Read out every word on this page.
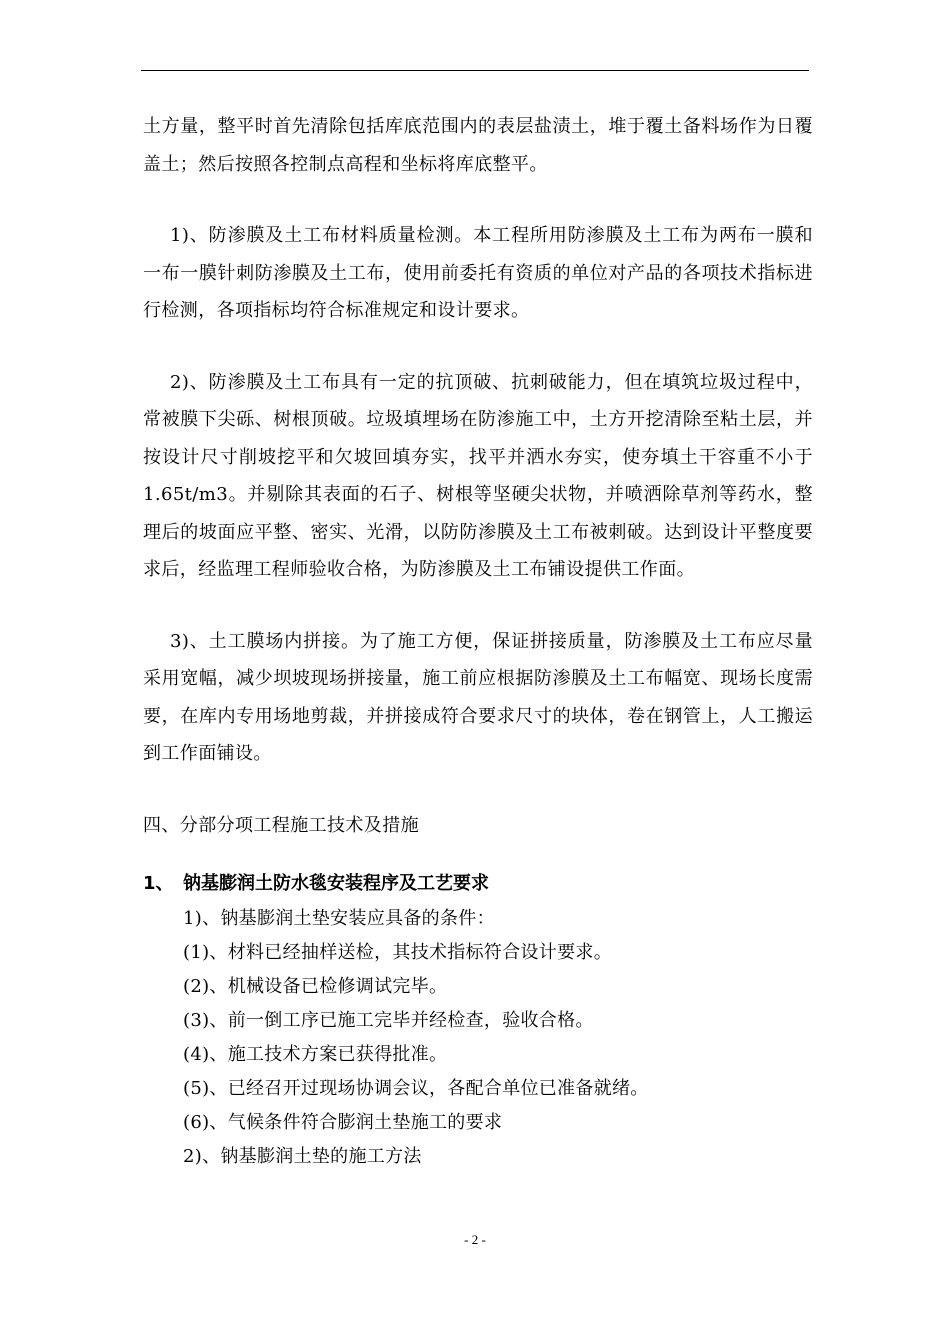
土方量，整平时首先清除包括库底范围内的表层盐渍土，堆于覆土备料场作为日覆盖土；然后按照各控制点高程和坐标将库底整平。

1)、防渗膜及土工布材料质量检测。本工程所用防渗膜及土工布为两布一膜和一布一膜针刺防渗膜及土工布，使用前委托有资质的单位对产品的各项技术指标进行检测，各项指标均符合标准规定和设计要求。

2)、防渗膜及土工布具有一定的抗顶破、抗刺破能力，但在填筑垃圾过程中，常被膜下尖砾、树根顶破。垃圾填埋场在防渗施工中，土方开挖清除至粘土层，并按设计尺寸削坡挖平和欠坡回填夯实，找平并洒水夯实，使夯填土干容重不小于1.65t/m3。并剔除其表面的石子、树根等坚硬尖状物，并喷洒除草剂等药水，整理后的坡面应平整、密实、光滑，以防防渗膜及土工布被刺破。达到设计平整度要求后，经监理工程师验收合格，为防渗膜及土工布铺设提供工作面。

3)、土工膜场内拼接。为了施工方便，保证拼接质量，防渗膜及土工布应尽量采用宽幅，减少坝坡现场拼接量，施工前应根据防渗膜及土工布幅宽、现场长度需要，在库内专用场地剪裁，并拼接成符合要求尺寸的块体，卷在钢管上，人工搬运到工作面铺设。

四、分部分项工程施工技术及措施

1、 钠基膨润土防水毯安装程序及工艺要求

1)、钠基膨润土垫安装应具备的条件：

(1)、材料已经抽样送检，其技术指标符合设计要求。

(2)、机械设备已检修调试完毕。

(3)、前一倒工序已施工完毕并经检查，验收合格。

(4)、施工技术方案已获得批准。

(5)、已经召开过现场协调会议，各配合单位已准备就绪。

(6)、气候条件符合膨润土垫施工的要求

2)、钠基膨润土垫的施工方法

- 2 -
